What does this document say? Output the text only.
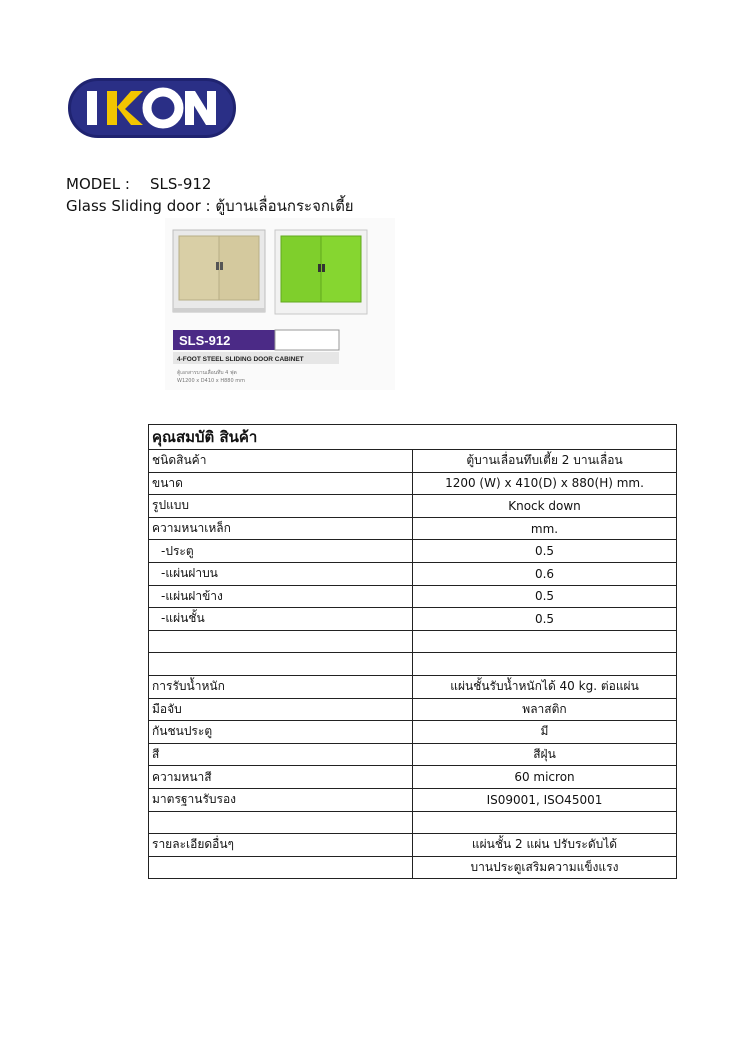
MODEL : SLS-912
Glass Sliding door : ตู้บานเลื่อนกระจกเตี้ย
SLS-912
4-FOOT STEEL SLIDING DOOR CABINET
ตู้เอกสารบานเลื่อนทึบ 4 ฟุต
W1200 x D410 x H880 mm
คุณสมบัติ สินค้า	
ชนิดสินค้า	ตู้บานเลื่อนทึบเตี้ย 2 บานเลื่อน
ขนาด	1200 (W) x 410(D) x 880(H) mm.
รูปแบบ	Knock down
ความหนาเหล็ก	mm.
-ประตู	0.5
-แผ่นฝาบน	0.6
-แผ่นฝาข้าง	0.5
-แผ่นชั้น	0.5

การรับน้ำหนัก	แผ่นชั้นรับน้ำหนักได้ 40 kg. ต่อแผ่น
มือจับ	พลาสติก
กันชนประตู	มี
สี	สีฝุ่น
ความหนาสี	60 micron
มาตรฐานรับรอง	IS09001, ISO45001

รายละเอียดอื่นๆ	แผ่นชั้น 2 แผ่น ปรับระดับได้
	บานประตูเสริมความแข็งแรง
